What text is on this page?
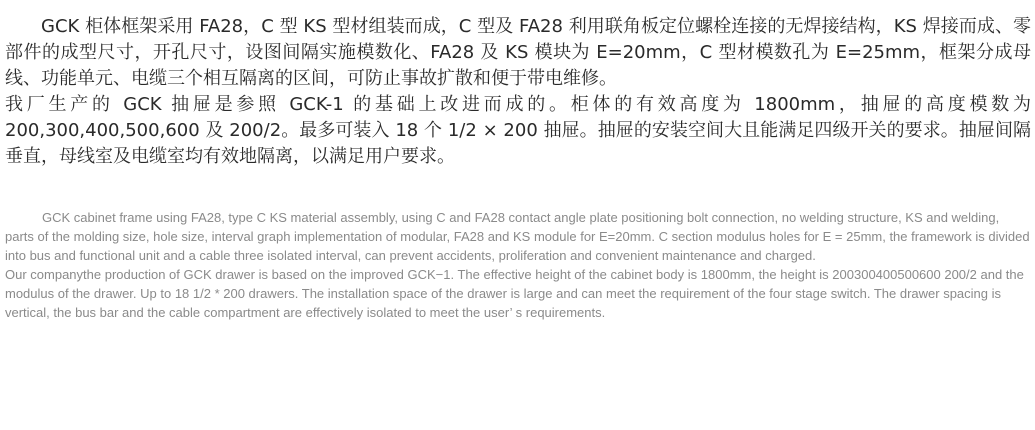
GCK 柜体框架采用 FA28，C 型 KS 型材组装而成，C 型及 FA28 利用联角板定位螺栓连接的无焊接结构，KS 焊接而成、零部件的成型尺寸，开孔尺寸，设图间隔实施模数化、FA28 及 KS 模块为 E=20mm，C 型材模数孔为 E=25mm，框架分成母线、功能单元、电缆三个相互隔离的区间，可防止事故扩散和便于带电维修。

我厂生产的 GCK 抽屉是参照 GCK-1 的基础上改进而成的。柜体的有效高度为 1800mm，抽屉的高度模数为 200,300,400,500,600 及 200/2。最多可装入 18 个 1/2 × 200 抽屉。抽屉的安装空间大且能满足四级开关的要求。抽屉间隔垂直，母线室及电缆室均有效地隔离，以满足用户要求。

GCK cabinet frame using FA28, type C KS material assembly, using C and FA28 contact angle plate positioning bolt connection, no welding structure, KS and welding, parts of the molding size, hole size, interval graph implementation of modular, FA28 and KS module for E=20mm. C section modulus holes for E = 25mm, the framework is divided into bus and functional unit and a cable three isolated interval, can prevent accidents, proliferation and convenient maintenance and charged.

Our companythe production of GCK drawer is based on the improved GCK−1. The effective height of the cabinet body is 1800mm, the height is 200300400500600 200/2 and the modulus of the drawer. Up to 18 1/2 * 200 drawers. The installation space of the drawer is large and can meet the requirement of the four stage switch. The drawer spacing is vertical, the bus bar and the cable compartment are effectively isolated to meet the user’ s requirements.
